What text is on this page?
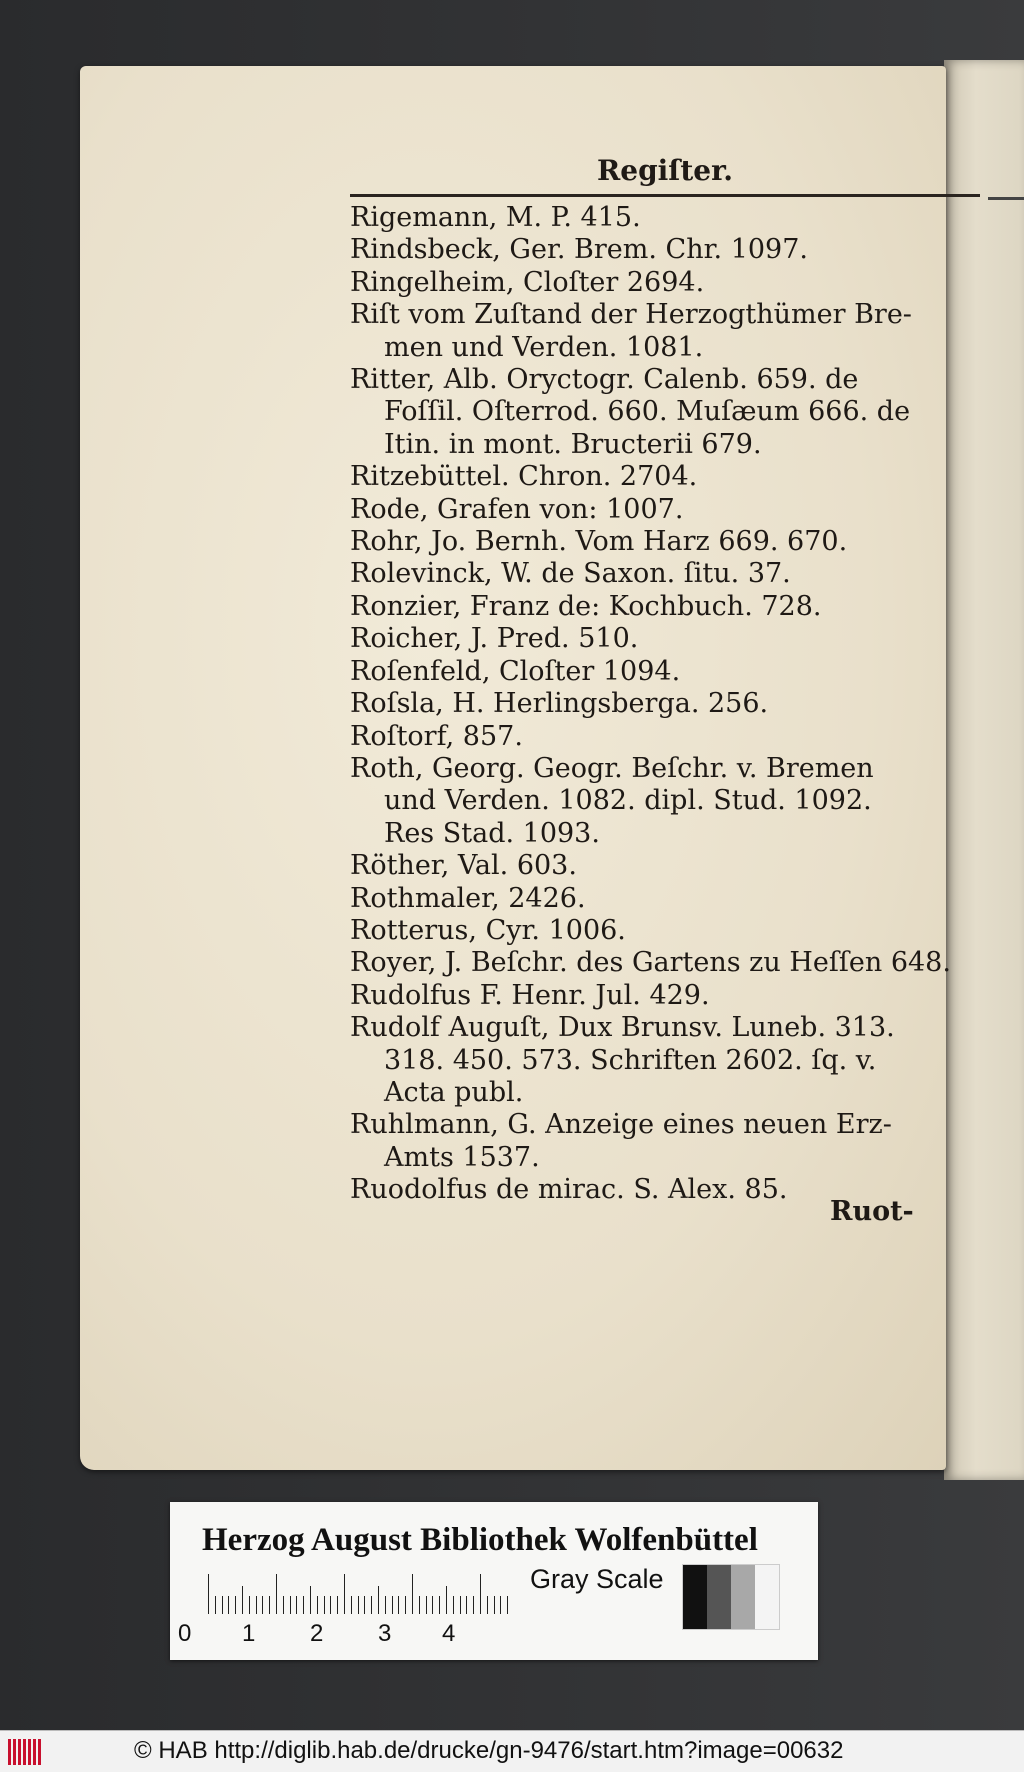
Regiſter.
Rigemann, M. P. 415.
Rindsbeck, Ger. Brem. Chr. 1097.
Ringelheim, Cloſter 2694.
Riſt vom Zuſtand der Herzogthümer Bre-
men und Verden. 1081.
Ritter, Alb. Oryctogr. Calenb. 659. de
Foſſil. Oſterrod. 660. Muſæum 666. de
Itin. in mont. Bructerii 679.
Ritzebüttel. Chron. 2704.
Rode, Grafen von: 1007.
Rohr, Jo. Bernh. Vom Harz 669. 670.
Rolevinck, W. de Saxon. ſitu. 37.
Ronzier, Franz de: Kochbuch. 728.
Roicher, J. Pred. 510.
Roſenfeld, Cloſter 1094.
Roſsla, H. Herlingsberga. 256.
Roſtorf, 857.
Roth, Georg. Geogr. Beſchr. v. Bremen
und Verden. 1082. dipl. Stud. 1092.
Res Stad. 1093.
Röther, Val. 603.
Rothmaler, 2426.
Rotterus, Cyr. 1006.
Royer, J. Beſchr. des Gartens zu Heſſen 648.
Rudolfus F. Henr. Jul. 429.
Rudolf Auguſt, Dux Brunsv. Luneb. 313.
318. 450. 573. Schriften 2602. ſq. v.
Acta publ.
Ruhlmann, G. Anzeige eines neuen Erz-
Amts 1537.
Ruodolfus de mirac. S. Alex. 85.
Ruot-
Herzog August Bibliothek Wolfenbüttel
0 1 2 3 4
Gray Scale
© HAB http://diglib.hab.de/drucke/gn-9476/start.htm?image=00632
